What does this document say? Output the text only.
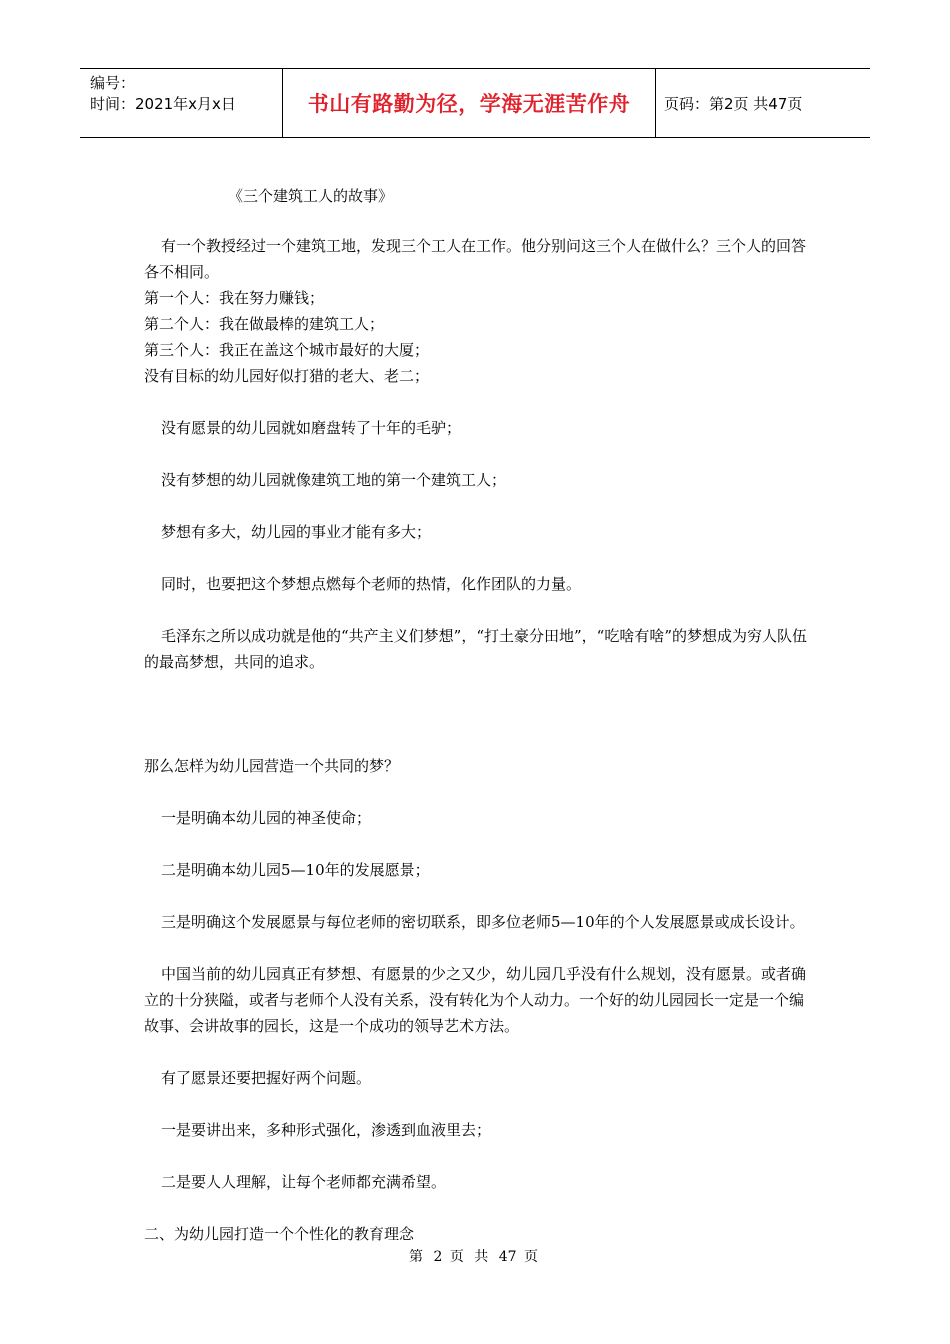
编号：
时间：2021年x月x日	书山有路勤为径，学海无涯苦作舟 页码：第2页 共47页

《三个建筑工人的故事》

有一个教授经过一个建筑工地，发现三个工人在工作。他分别问这三个人在做什么？三个人的回答各不相同。

第一个人：我在努力赚钱；

第二个人：我在做最棒的建筑工人；

第三个人：我正在盖这个城市最好的大厦；

没有目标的幼儿园好似打猎的老大、老二；

没有愿景的幼儿园就如磨盘转了十年的毛驴；

没有梦想的幼儿园就像建筑工地的第一个建筑工人；

梦想有多大，幼儿园的事业才能有多大；

同时，也要把这个梦想点燃每个老师的热情，化作团队的力量。

毛泽东之所以成功就是他的“共产主义们梦想”，“打土豪分田地”，“吃啥有啥”的梦想成为穷人队伍的最高梦想，共同的追求。

那么怎样为幼儿园营造一个共同的梦？

一是明确本幼儿园的神圣使命；

二是明确本幼儿园5—10年的发展愿景；

三是明确这个发展愿景与每位老师的密切联系，即多位老师5—10年的个人发展愿景或成长设计。

中国当前的幼儿园真正有梦想、有愿景的少之又少，幼儿园几乎没有什么规划，没有愿景。或者确立的十分狭隘，或者与老师个人没有关系，没有转化为个人动力。一个好的幼儿园园长一定是一个编故事、会讲故事的园长，这是一个成功的领导艺术方法。

有了愿景还要把握好两个问题。

一是要讲出来，多种形式强化，渗透到血液里去；

二是要人人理解，让每个老师都充满希望。

二、为幼儿园打造一个个性化的教育理念

第 2 页 共 47 页
